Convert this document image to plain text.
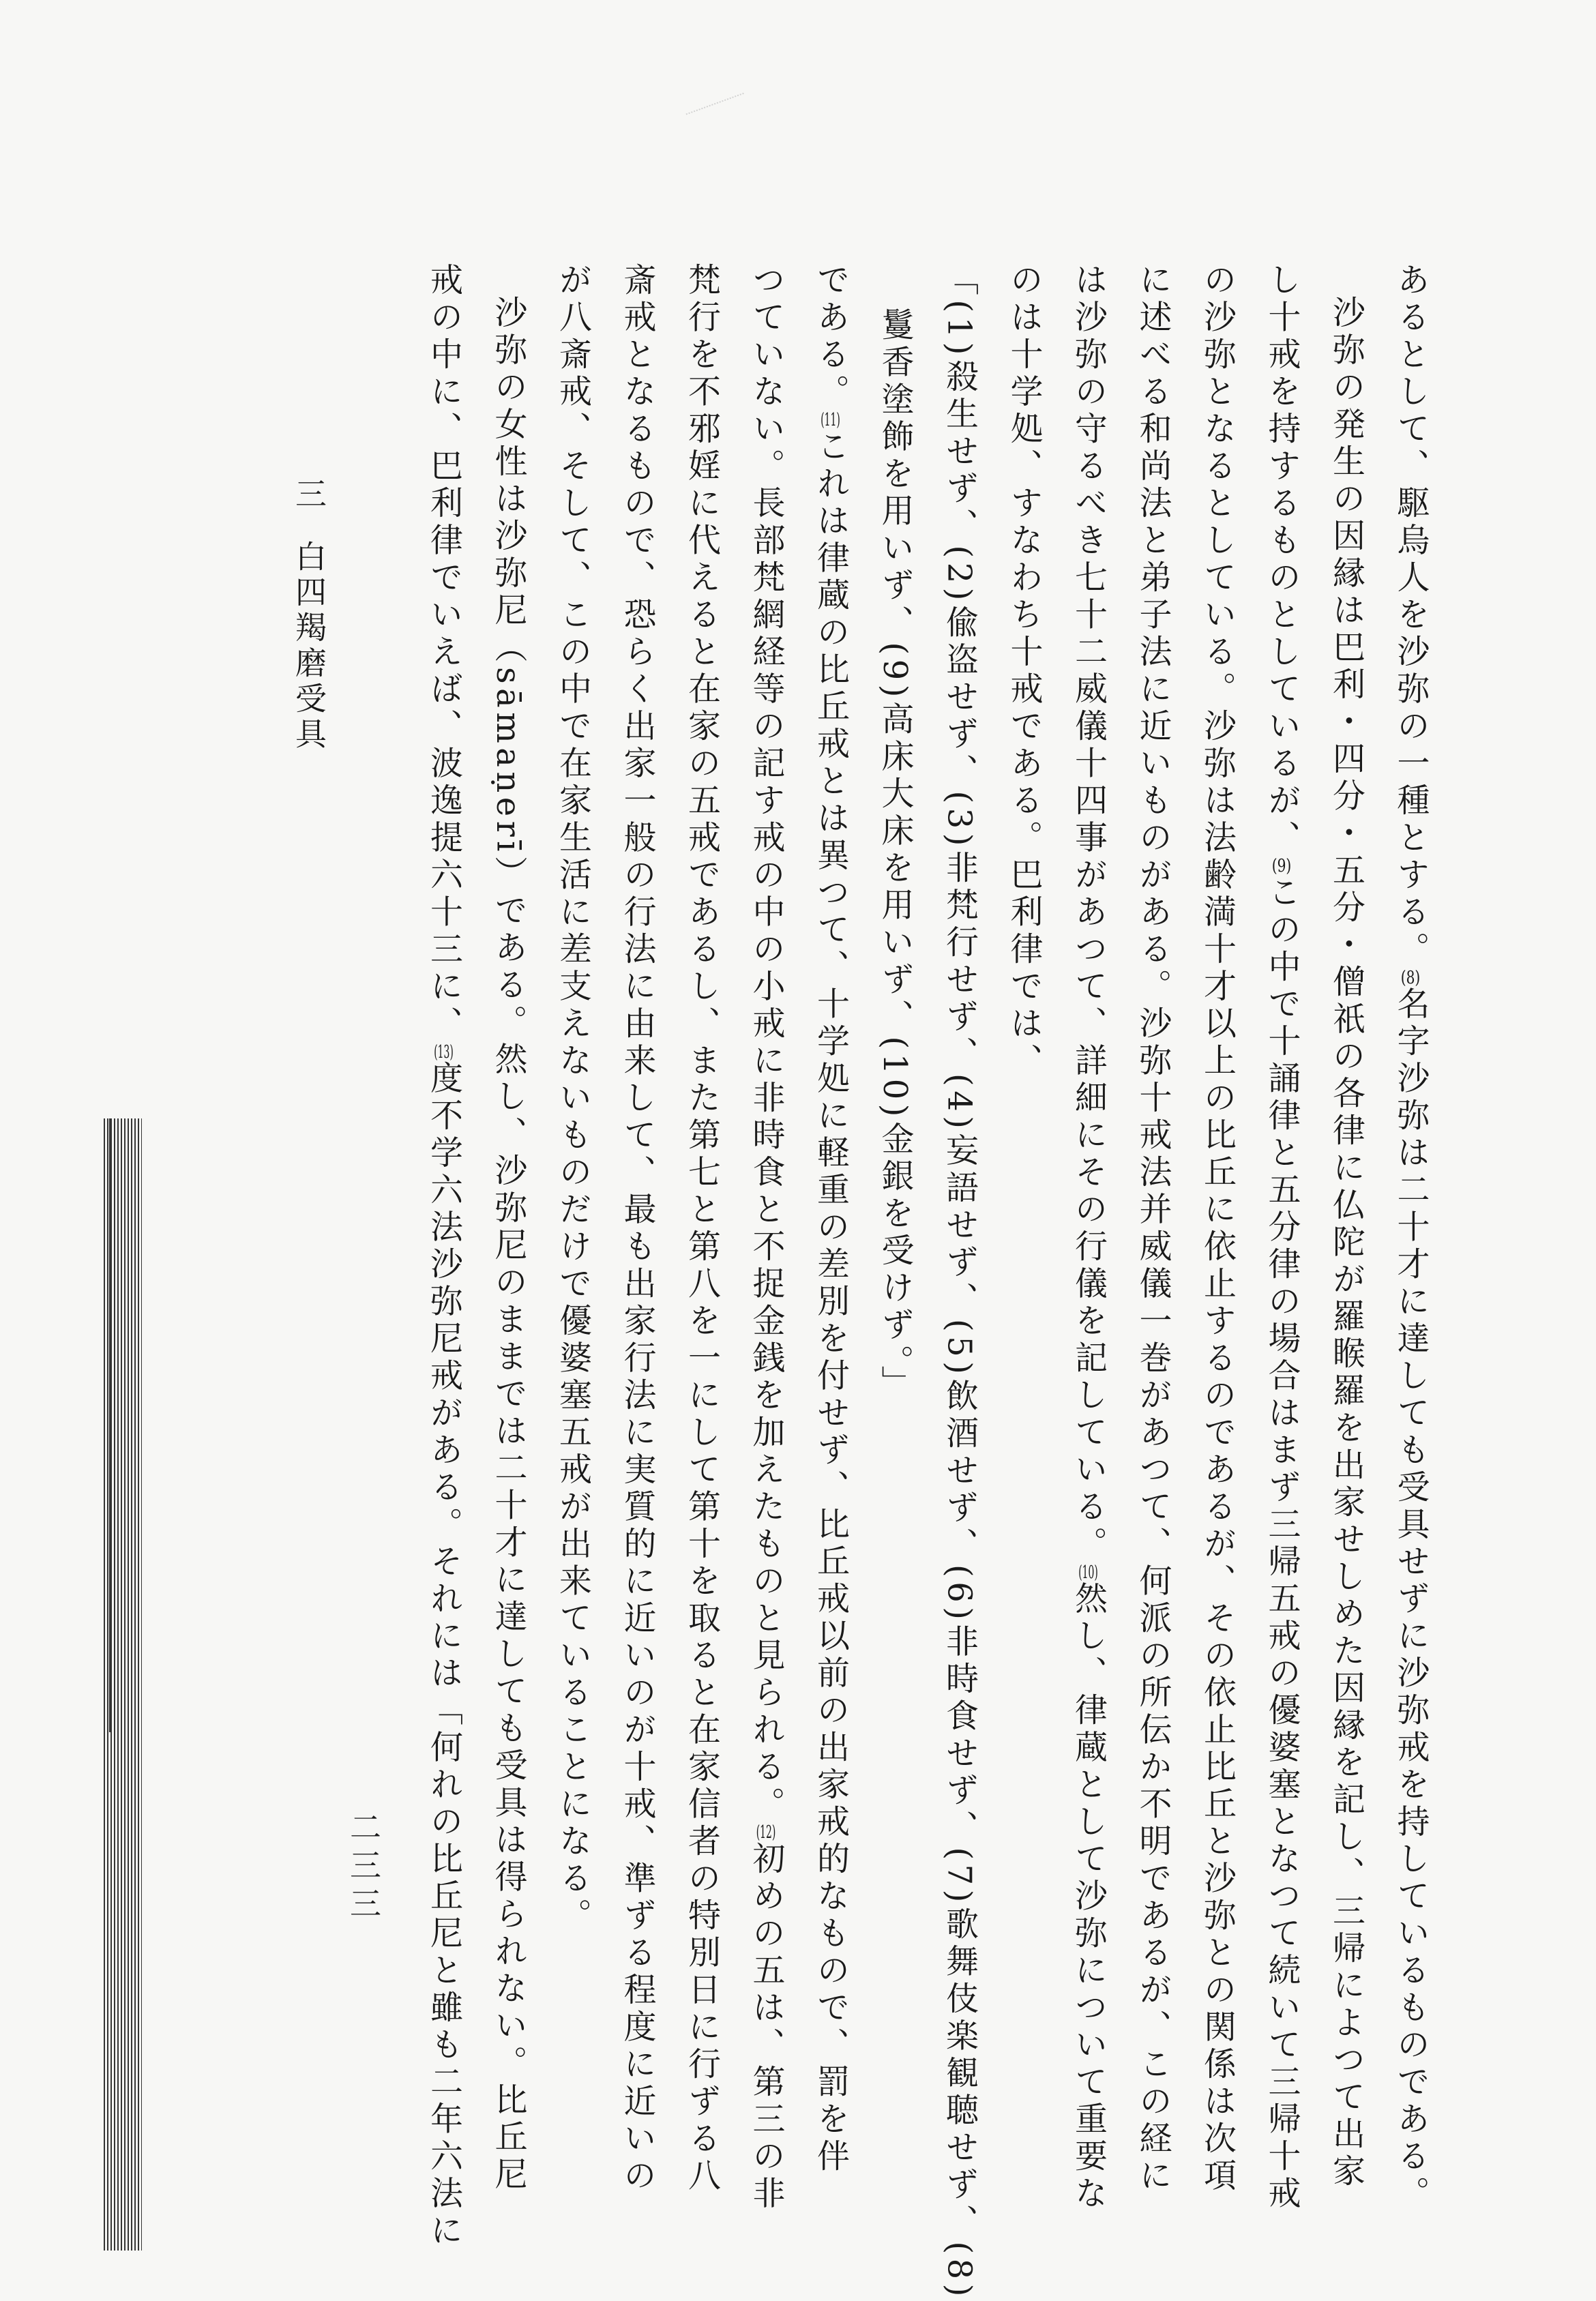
あるとして、駆烏人を沙弥の一種とする。(8)名字沙弥は二十才に達しても受具せずに沙弥戒を持しているものである。

沙弥の発生の因縁は巴利・四分・五分・僧祇の各律に仏陀が羅睺羅を出家せしめた因縁を記し、三帰によつて出家

し十戒を持するものとしているが、(9)この中で十誦律と五分律の場合はまず三帰五戒の優婆塞となつて続いて三帰十戒

の沙弥となるとしている。沙弥は法齢満十才以上の比丘に依止するのであるが、その依止比丘と沙弥との関係は次項

に述べる和尚法と弟子法に近いものがある。沙弥十戒法并威儀一巻があつて、何派の所伝か不明であるが、この経に

は沙弥の守るべき七十二威儀十四事があつて、詳細にその行儀を記している。(10)然し、律蔵として沙弥について重要な

のは十学処、すなわち十戒である。巴利律では、

「(1)殺生せず、(2)偸盗せず、(3)非梵行せず、(4)妄語せず、(5)飲酒せず、(6)非時食せず、(7)歌舞伎楽観聴せず、(8)

鬘香塗飾を用いず、(9)高床大床を用いず、(10)金銀を受けず。」

である。(11)これは律蔵の比丘戒とは異つて、十学処に軽重の差別を付せず、比丘戒以前の出家戒的なもので、罰を伴

つていない。長部梵網経等の記す戒の中の小戒に非時食と不捉金銭を加えたものと見られる。(12)初めの五は、第三の非

梵行を不邪婬に代えると在家の五戒であるし、また第七と第八を一にして第十を取ると在家信者の特別日に行ずる八

斎戒となるもので、恐らく出家一般の行法に由来して、最も出家行法に実質的に近いのが十戒、準ずる程度に近いの

が八斎戒、そして、この中で在家生活に差支えないものだけで優婆塞五戒が出来ていることになる。

沙弥の女性は沙弥尼（sāmaṇerī）である。然し、沙弥尼のままでは二十才に達しても受具は得られない。比丘尼

戒の中に、巴利律でいえば、波逸提六十三に、(13)度不学六法沙弥尼戒がある。それには「何れの比丘尼と雖も二年六法に

三白四羯磨受具
二三三
